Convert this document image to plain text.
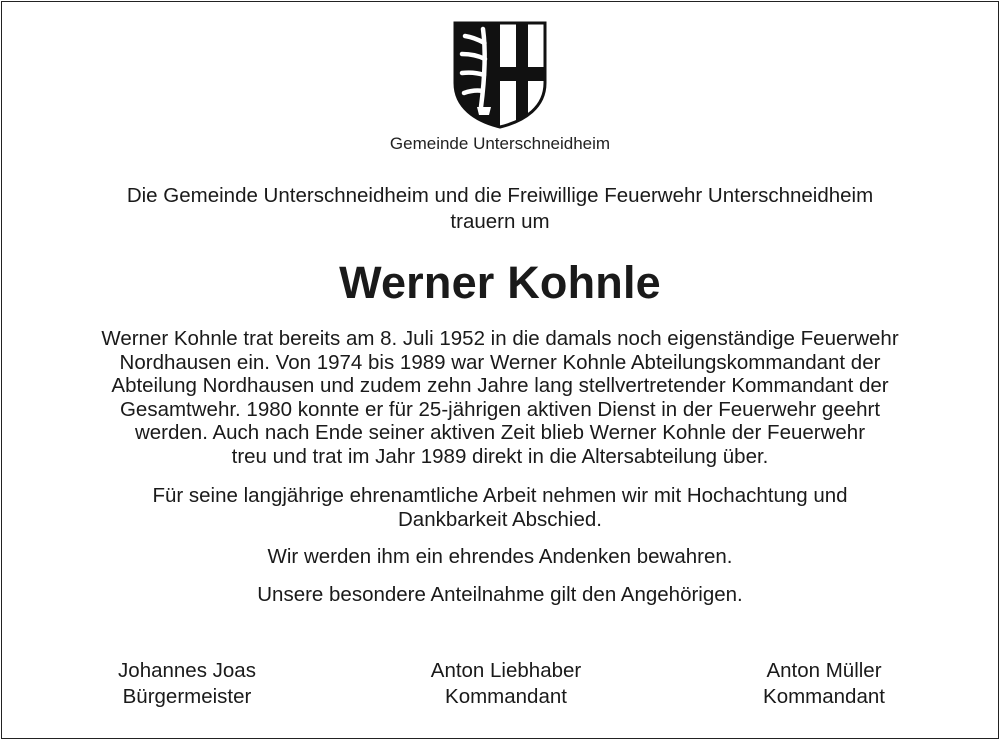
Gemeinde Unterschneidheim
Die Gemeinde Unterschneidheim und die Freiwillige Feuerwehr Unterschneidheim
trauern um
Werner Kohnle

Werner Kohnle trat bereits am 8. Juli 1952 in die damals noch eigenständige Feuerwehr
Nordhausen ein. Von 1974 bis 1989 war Werner Kohnle Abteilungskommandant der
Abteilung Nordhausen und zudem zehn Jahre lang stellvertretender Kommandant der
Gesamtwehr. 1980 konnte er für 25-jährigen aktiven Dienst in der Feuerwehr geehrt
werden. Auch nach Ende seiner aktiven Zeit blieb Werner Kohnle der Feuerwehr
treu und trat im Jahr 1989 direkt in die Altersabteilung über.

Für seine langjährige ehrenamtliche Arbeit nehmen wir mit Hochachtung und
Dankbarkeit Abschied.

Wir werden ihm ein ehrendes Andenken bewahren.

Unsere besondere Anteilnahme gilt den Angehörigen.

Johannes Joas
Bürgermeister
Anton Liebhaber
Kommandant
Anton Müller
Kommandant
